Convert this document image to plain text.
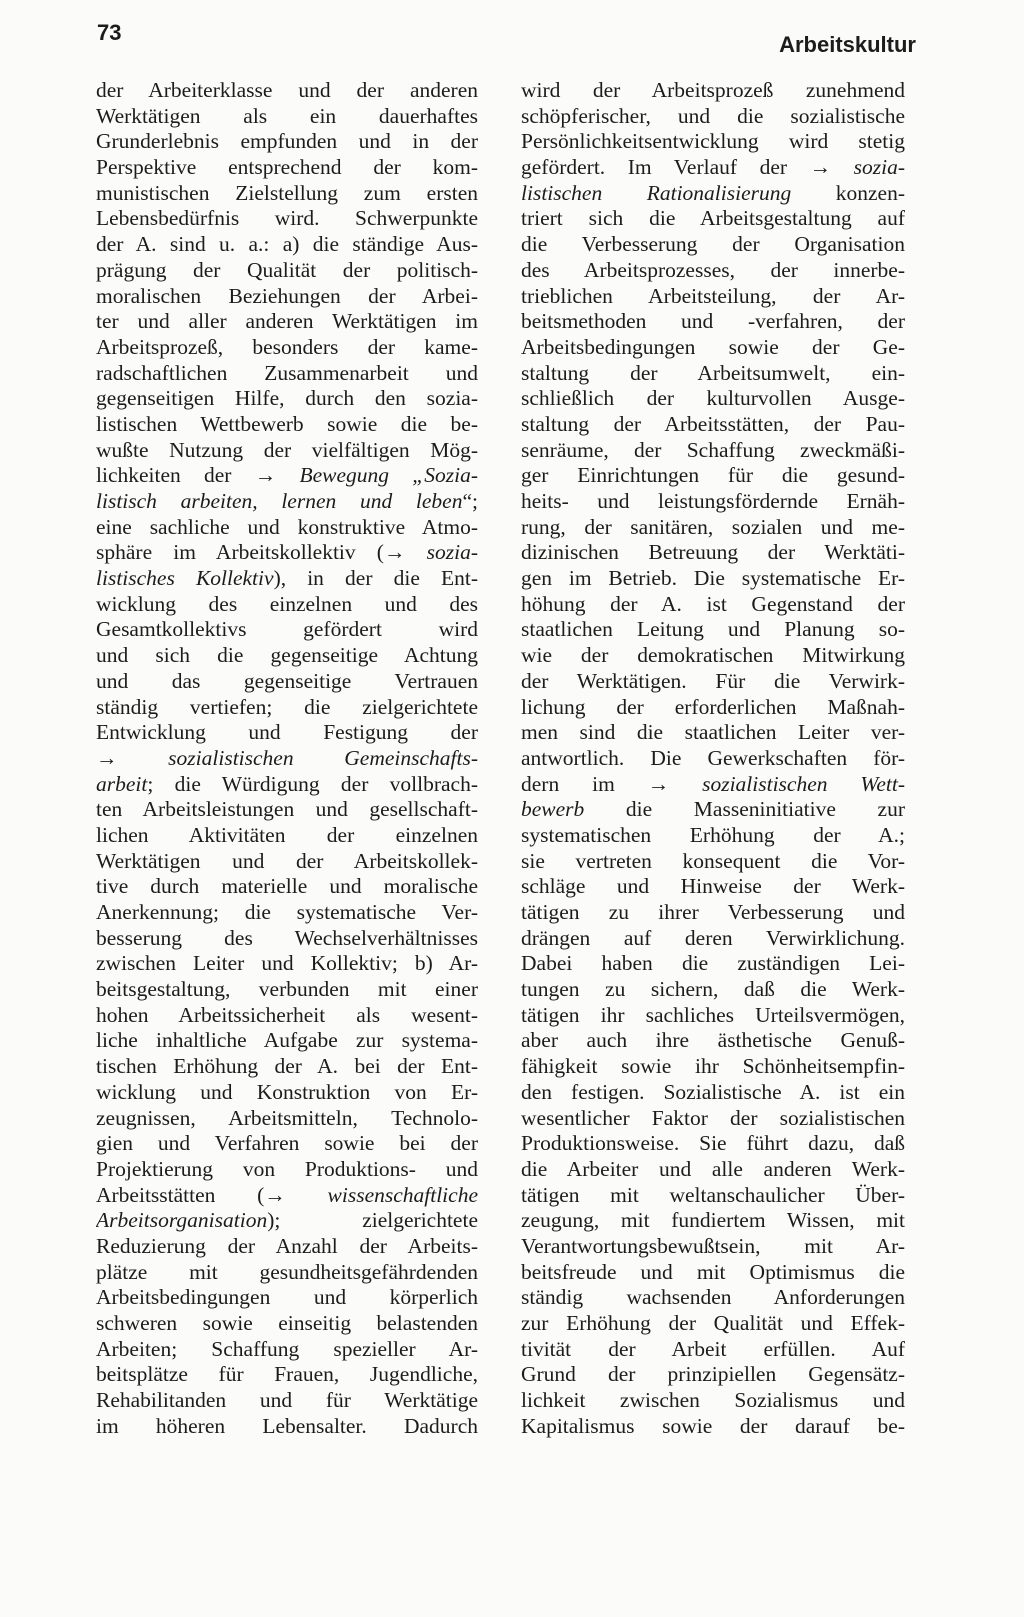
73	Arbeitskultur
der Arbeiterklasse und der anderen
Werktätigen als ein dauerhaftes
Grunderlebnis empfunden und in der
Perspektive entsprechend der kom-
munistischen Zielstellung zum ersten
Lebensbedürfnis wird. Schwerpunkte
der A. sind u. a.: a) die ständige Aus-
prägung der Qualität der politisch-
moralischen Beziehungen der Arbei-
ter und aller anderen Werktätigen im
Arbeitsprozeß, besonders der kame-
radschaftlichen Zusammenarbeit und
gegenseitigen Hilfe, durch den sozia-
listischen Wettbewerb sowie die be-
wußte Nutzung der vielfältigen Mög-
lichkeiten der → Bewegung „Sozia-
listisch arbeiten, lernen und leben“;
eine sachliche und konstruktive Atmo-
sphäre im Arbeitskollektiv (→ sozia-
listisches Kollektiv), in der die Ent-
wicklung des einzelnen und des
Gesamtkollektivs gefördert wird
und sich die gegenseitige Achtung
und das gegenseitige Vertrauen
ständig vertiefen; die zielgerichtete
Entwicklung und Festigung der
→ sozialistischen Gemeinschafts-
arbeit; die Würdigung der vollbrach-
ten Arbeitsleistungen und gesellschaft-
lichen Aktivitäten der einzelnen
Werktätigen und der Arbeitskollek-
tive durch materielle und moralische
Anerkennung; die systematische Ver-
besserung des Wechselverhältnisses
zwischen Leiter und Kollektiv; b) Ar-
beitsgestaltung, verbunden mit einer
hohen Arbeitssicherheit als wesent-
liche inhaltliche Aufgabe zur systema-
tischen Erhöhung der A. bei der Ent-
wicklung und Konstruktion von Er-
zeugnissen, Arbeitsmitteln, Technolo-
gien und Verfahren sowie bei der
Projektierung von Produktions- und
Arbeitsstätten (→ wissenschaftliche
Arbeitsorganisation); zielgerichtete
Reduzierung der Anzahl der Arbeits-
plätze mit gesundheitsgefährdenden
Arbeitsbedingungen und körperlich
schweren sowie einseitig belastenden
Arbeiten; Schaffung spezieller Ar-
beitsplätze für Frauen, Jugendliche,
Rehabilitanden und für Werktätige
im höheren Lebensalter. Dadurch
wird der Arbeitsprozeß zunehmend
schöpferischer, und die sozialistische
Persönlichkeitsentwicklung wird stetig
gefördert. Im Verlauf der → sozia-
listischen Rationalisierung konzen-
triert sich die Arbeitsgestaltung auf
die Verbesserung der Organisation
des Arbeitsprozesses, der innerbe-
trieblichen Arbeitsteilung, der Ar-
beitsmethoden und -verfahren, der
Arbeitsbedingungen sowie der Ge-
staltung der Arbeitsumwelt, ein-
schließlich der kulturvollen Ausge-
staltung der Arbeitsstätten, der Pau-
senräume, der Schaffung zweckmäßi-
ger Einrichtungen für die gesund-
heits- und leistungsfördernde Ernäh-
rung, der sanitären, sozialen und me-
dizinischen Betreuung der Werktäti-
gen im Betrieb. Die systematische Er-
höhung der A. ist Gegenstand der
staatlichen Leitung und Planung so-
wie der demokratischen Mitwirkung
der Werktätigen. Für die Verwirk-
lichung der erforderlichen Maßnah-
men sind die staatlichen Leiter ver-
antwortlich. Die Gewerkschaften för-
dern im → sozialistischen Wett-
bewerb die Masseninitiative zur
systematischen Erhöhung der A.;
sie vertreten konsequent die Vor-
schläge und Hinweise der Werk-
tätigen zu ihrer Verbesserung und
drängen auf deren Verwirklichung.
Dabei haben die zuständigen Lei-
tungen zu sichern, daß die Werk-
tätigen ihr sachliches Urteilsvermögen,
aber auch ihre ästhetische Genuß-
fähigkeit sowie ihr Schönheitsempfin-
den festigen. Sozialistische A. ist ein
wesentlicher Faktor der sozialistischen
Produktionsweise. Sie führt dazu, daß
die Arbeiter und alle anderen Werk-
tätigen mit weltanschaulicher Über-
zeugung, mit fundiertem Wissen, mit
Verantwortungsbewußtsein, mit Ar-
beitsfreude und mit Optimismus die
ständig wachsenden Anforderungen
zur Erhöhung der Qualität und Effek-
tivität der Arbeit erfüllen. Auf
Grund der prinzipiellen Gegensätz-
lichkeit zwischen Sozialismus und
Kapitalismus sowie der darauf be-
